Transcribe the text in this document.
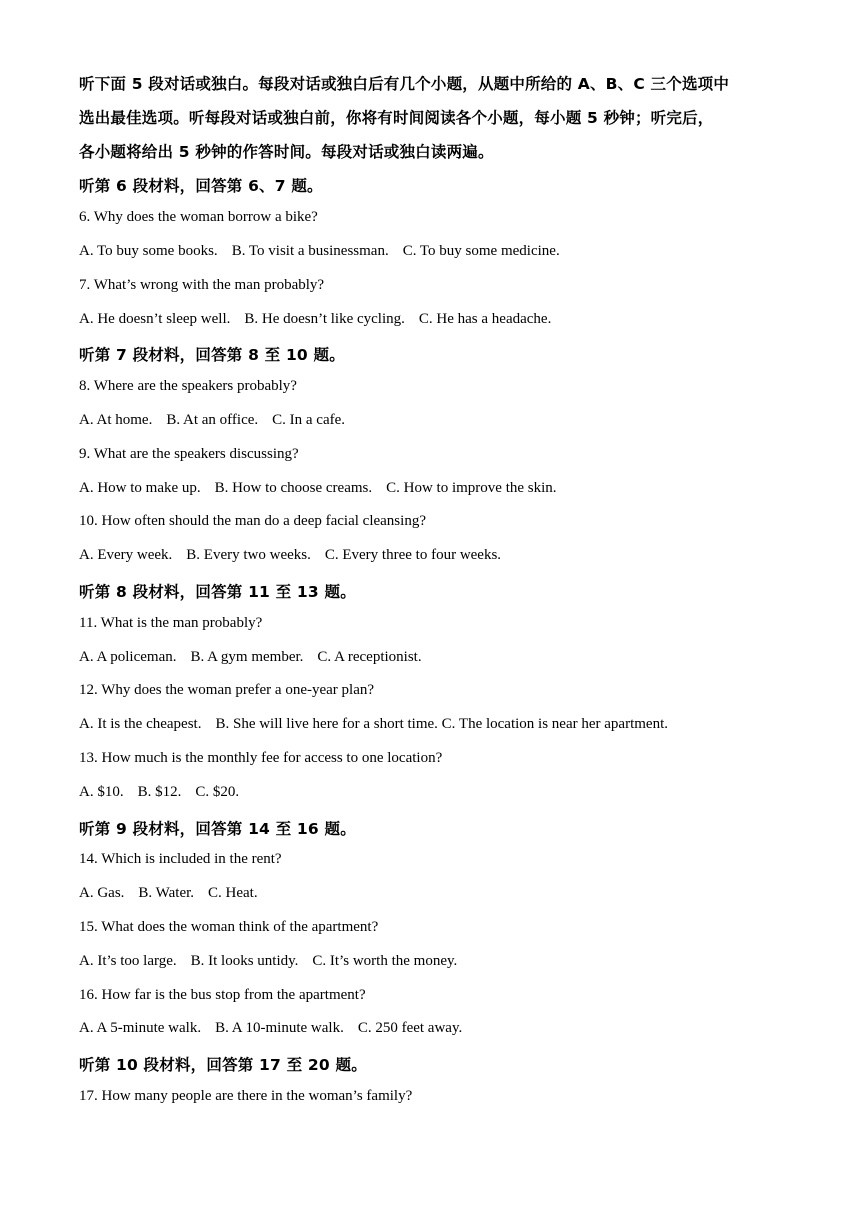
听下面 5 段对话或独白。每段对话或独白后有几个小题，从题中所给的 A、B、C 三个选项中
选出最佳选项。听每段对话或独白前，你将有时间阅读各个小题，每小题 5 秒钟；听完后，
各小题将给出 5 秒钟的作答时间。每段对话或独白读两遍。
听第 6 段材料，回答第 6、7 题。
6. Why does the woman borrow a bike?
A. To buy some books. B. To visit a businessman. C. To buy some medicine.
7. What’s wrong with the man probably?
A. He doesn’t sleep well. B. He doesn’t like cycling. C. He has a headache.
听第 7 段材料，回答第 8 至 10 题。
8. Where are the speakers probably?
A. At home. B. At an office. C. In a cafe.
9. What are the speakers discussing?
A. How to make up. B. How to choose creams. C. How to improve the skin.
10. How often should the man do a deep facial cleansing?
A. Every week. B. Every two weeks. C. Every three to four weeks.
听第 8 段材料，回答第 11 至 13 题。
11. What is the man probably?
A. A policeman. B. A gym member. C. A receptionist.
12. Why does the woman prefer a one-year plan?
A. It is the cheapest. B. She will live here for a short time. C. The location is near her apartment.
13. How much is the monthly fee for access to one location?
A. $10. B. $12. C. $20.
听第 9 段材料，回答第 14 至 16 题。
14. Which is included in the rent?
A. Gas. B. Water. C. Heat.
15. What does the woman think of the apartment?
A. It’s too large. B. It looks untidy. C. It’s worth the money.
16. How far is the bus stop from the apartment?
A. A 5-minute walk. B. A 10-minute walk. C. 250 feet away.
听第 10 段材料，回答第 17 至 20 题。
17. How many people are there in the woman’s family?
